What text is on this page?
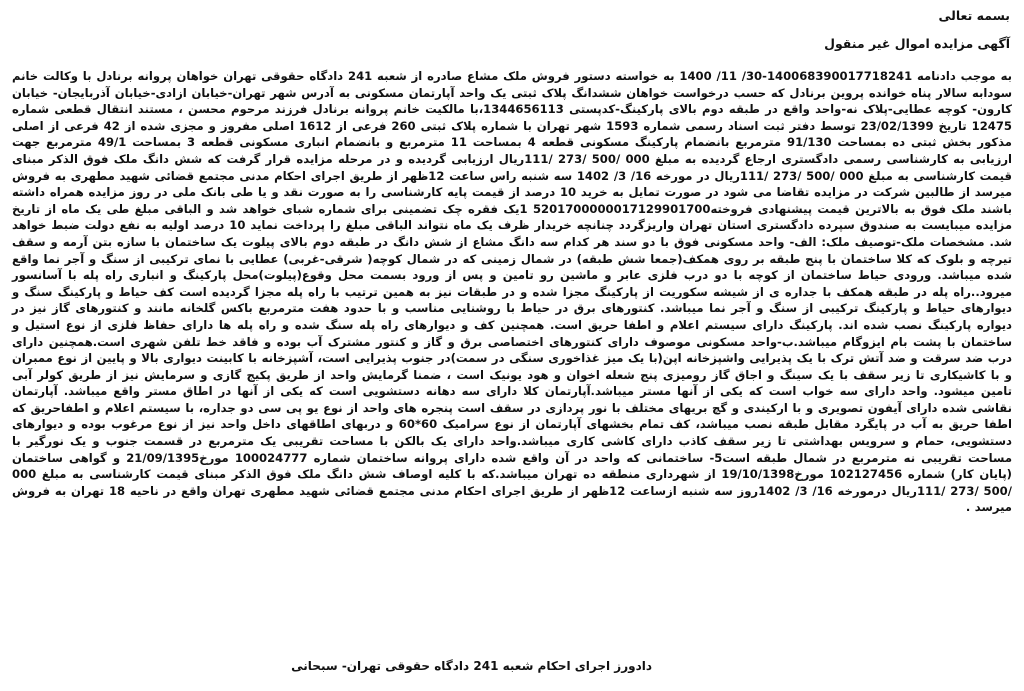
بسمه تعالی

آگهی مزایده اموال غیر منقول

به موجب دادنامه 140068390017718241-30/ 11/ 1400 به خواسته دستور فروش ملک مشاع صادره از شعبه 241 دادگاه حقوقی تهران خواهان پروانه برنادل با وکالت خانم سودابه سالار پناه خوانده پروین برنادل که حسب درخواست خواهان ششدانگ پلاک ثبتی یک واحد آپارتمان مسکونی به آدرس شهر تهران-خیابان ازادی-خیابان آذربایجان- خیابان کارون- کوچه عطایی-پلاک نه-واحد واقع در طبقه دوم بالای پارکینگ-کدپستی 1344656113،با مالکیت خانم پروانه برنادل فرزند مرحوم محسن ، مستند انتقال قطعی شماره 12475 تاریخ 23/02/1399 توسط دفتر ثبت اسناد رسمی شماره 1593 شهر تهران با شماره پلاک ثبتی 260 فرعی از 1612 اصلی مفروز و مجزی شده از 42 فرعی از اصلی مذکور بخش ثبتی ده بمساحت 91/130 مترمربع بانضمام پارکینگ مسکونی قطعه 4 بمساحت 11 مترمربع و بانضمام انباری مسکونی قطعه 3 بمساحت 49/1 مترمربع جهت ارزیابی به کارشناسی رسمی دادگستری ارجاع گردیده به مبلغ 000 /500 /273 /111ریال ارزیابی گردیده و در مرحله مزایده قرار گرفت که شش دانگ ملک فوق الذکر مبنای قیمت کارشناسی به مبلغ 000 /500 /273 /111ریال در مورخه 16/ 3/ 1402 سه شنبه راس ساعت 12ظهر از طریق اجرای احکام مدنی مجتمع قضائی شهید مطهری به فروش میرسد از طالبین شرکت در مزایده تقاضا می شود در صورت تمایل به خرید 10 درصد از قیمت پایه کارشناسی را به صورت نقد و یا طی بانک ملی در روز مزایده همراه داشته باشند ملک فوق به بالاترین قیمت پیشنهادی فروخته5201700000017129901700 1یک فقره چک تضمینی برای شماره شبای خواهد شد و الباقی مبلغ طی یک ماه از تاریخ مزایده میبایست به صندوق سپرده دادگستری استان تهران واریزگردد چنانچه خریدار ظرف یک ماه نتواند الباقی مبلغ را پرداخت نماید 10 درصد اولیه به نفع دولت ضبط خواهد شد. مشخصات ملک-توصیف ملک: الف- واحد مسکونی فوق با دو سند هر کدام سه دانگ مشاع از شش دانگ در طبقه دوم بالای پیلوت یک ساختمان با سازه بتن آرمه و سقف تیرچه و بلوک که کلا ساختمان با پنج طبقه بر روی همکف(جمعا شش طبقه) در شمال زمینی که در شمال کوچه( شرقی-غربی) عطایی با نمای ترکیبی از سنگ و آجر نما واقع شده میباشد. ورودی حیاط ساختمان از کوچه با دو درب فلزی عابر و ماشین رو تامین و پس از ورود بسمت محل وقوع(پیلوت)محل پارکینگ و انباری راه پله با آسانسور میرود..راه پله در طبقه همکف با جداره ی از شیشه سکوریت از پارکینگ مجزا شده و در طبقات نیز به همین ترتیب با راه پله مجزا گردیده است کف حیاط و پارکینگ سنگ و دیوارهای حیاط و پارکینگ ترکیبی از سنگ و آجر نما میباشد. کنتورهای برق در حیاط با روشنایی مناسب و با حدود هفت مترمربع باکس گلخانه مانند و کنتورهای گاز نیز در دیواره پارکینگ نصب شده اند. پارکینگ دارای سیستم اعلام و اطفا حریق است. همچنین کف و دیوارهای راه پله سنگ شده و راه پله ها دارای حفاظ فلزی از نوع استیل و ساختمان با پشت بام ایزوگام میباشد.ب-واحد مسکونی موصوف دارای کنتورهای اختصاصی برق و گاز و کنتور مشترک آب بوده و فاقد خط تلفن شهری است.همچنین دارای درب ضد سرقت و ضد آتش ترک با یک پذیرایی واشپزخانه اپن(با یک میز غذاخوری سنگی در سمت)در جنوب پذیرایی است، آشپزخانه با کابینت دیواری بالا و پایین از نوع ممبران و با کاشیکاری تا زیر سقف با یک سینگ و اجاق گاز رومیزی پنج شعله اخوان و هود یونیک است ، ضمنا گرمایش واحد از طریق پکیج گازی و سرمایش نیز از طریق کولر آبی تامین میشود. واحد دارای سه خواب است که یکی از آنها مستر میباشد.آپارتمان کلا دارای سه دهانه دستشویی است که یکی از آنها در اطاق مستر واقع میباشد. آپارتمان نقاشی شده دارای آیفون تصویری و با ارکیندی و گچ بریهای مختلف با نور پردازی در سقف است پنجره های واحد از نوع یو پی سی دو جداره، با سیستم اعلام و اطفاحریق که اطفا حریق به آب در پایگرد مقابل طبقه نصب میباشد، کف تمام بخشهای آپارتمان از نوع سرامیک 60*60 و دربهای اطاقهای داخل واحد نیز از نوع مرغوب بوده و دیوارهای دستشویی، حمام و سرویس بهداشتی تا زیر سقف کاذب دارای کاشی کاری میباشد.واحد دارای یک بالکن با مساحت تقریبی یک مترمربع در قسمت جنوب و یک نورگیر با مساحت تقریبی نه مترمربع در شمال طبقه است5- ساختمانی که واحد در آن واقع شده دارای پروانه ساختمان شماره 100024777 مورخ21/09/1395 و گواهی ساختمان (پایان کار) شماره 102127456 مورخ19/10/1398 از شهرداری منطقه ده تهران میباشد.که با کلیه اوصاف شش دانگ ملک فوق الذکر مبنای قیمت کارشناسی به مبلغ 000 /500 /273 /111ریال درمورخه 16/ 3/ 1402روز سه شنبه ازساعت 12ظهر از طریق اجرای احکام مدنی مجتمع قضائی شهید مطهری تهران واقع در ناحیه 18 تهران به فروش میرسد .

دادورز اجرای احکام شعبه 241 دادگاه حقوقی تهران- سبحانی
